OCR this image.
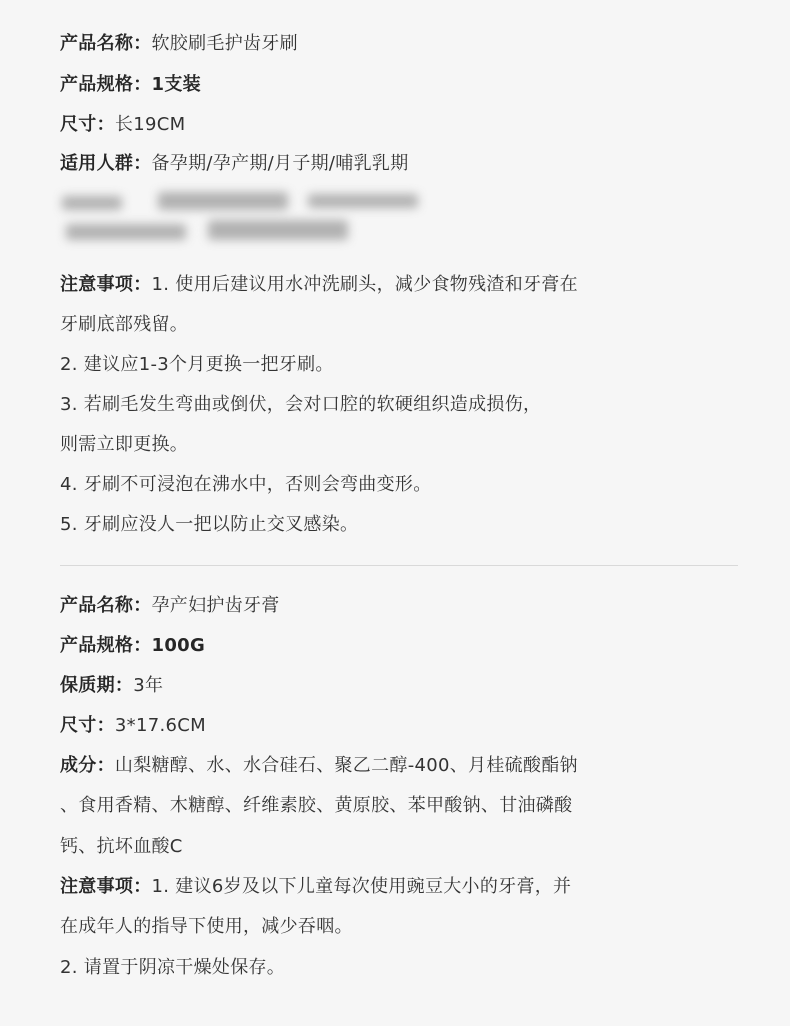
产品名称：软胶刷毛护齿牙刷
产品规格：1支装
尺寸：长19CM
适用人群：备孕期/孕产期/月子期/哺乳乳期
注意事项：1. 使用后建议用水冲洗刷头，减少食物残渣和牙膏在
牙刷底部残留。
2. 建议应1-3个月更换一把牙刷。
3. 若刷毛发生弯曲或倒伏，会对口腔的软硬组织造成损伤，
则需立即更换。
4. 牙刷不可浸泡在沸水中，否则会弯曲变形。
5. 牙刷应没人一把以防止交叉感染。
产品名称：孕产妇护齿牙膏
产品规格：100G
保质期：3年
尺寸：3*17.6CM
成分：山梨糖醇、水、水合硅石、聚乙二醇-400、月桂硫酸酯钠
、食用香精、木糖醇、纤维素胶、黄原胶、苯甲酸钠、甘油磷酸
钙、抗坏血酸C
注意事项：1. 建议6岁及以下儿童每次使用豌豆大小的牙膏，并
在成年人的指导下使用，减少吞咽。
2. 请置于阴凉干燥处保存。
